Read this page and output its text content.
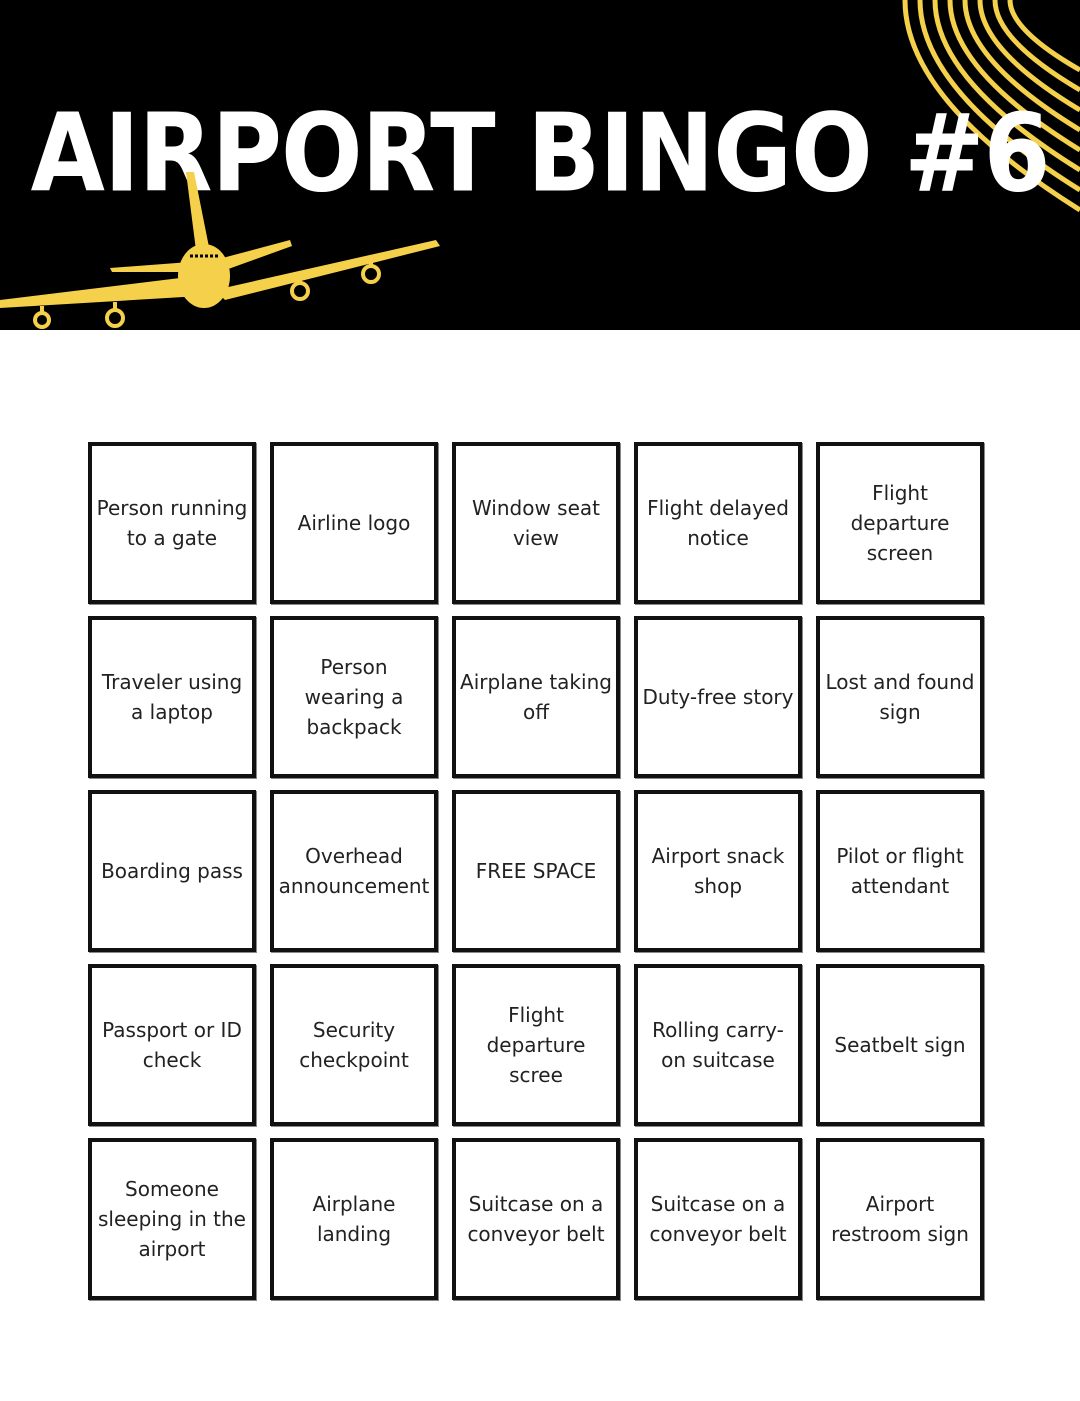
AIRPORT BINGO #6
Person running to a gate
Airline logo
Window seat view
Flight delayed notice
Flight departure screen
Traveler using a laptop
Person wearing a backpack
Airplane taking off
Duty-free story
Lost and found sign
Boarding pass
Overhead announcement
FREE SPACE
Airport snack shop
Pilot or flight attendant
Passport or ID check
Security checkpoint
Flight departure scree
Rolling carry-on suitcase
Seatbelt sign
Someone sleeping in the airport
Airplane landing
Suitcase on a conveyor belt
Suitcase on a conveyor belt
Airport restroom sign
